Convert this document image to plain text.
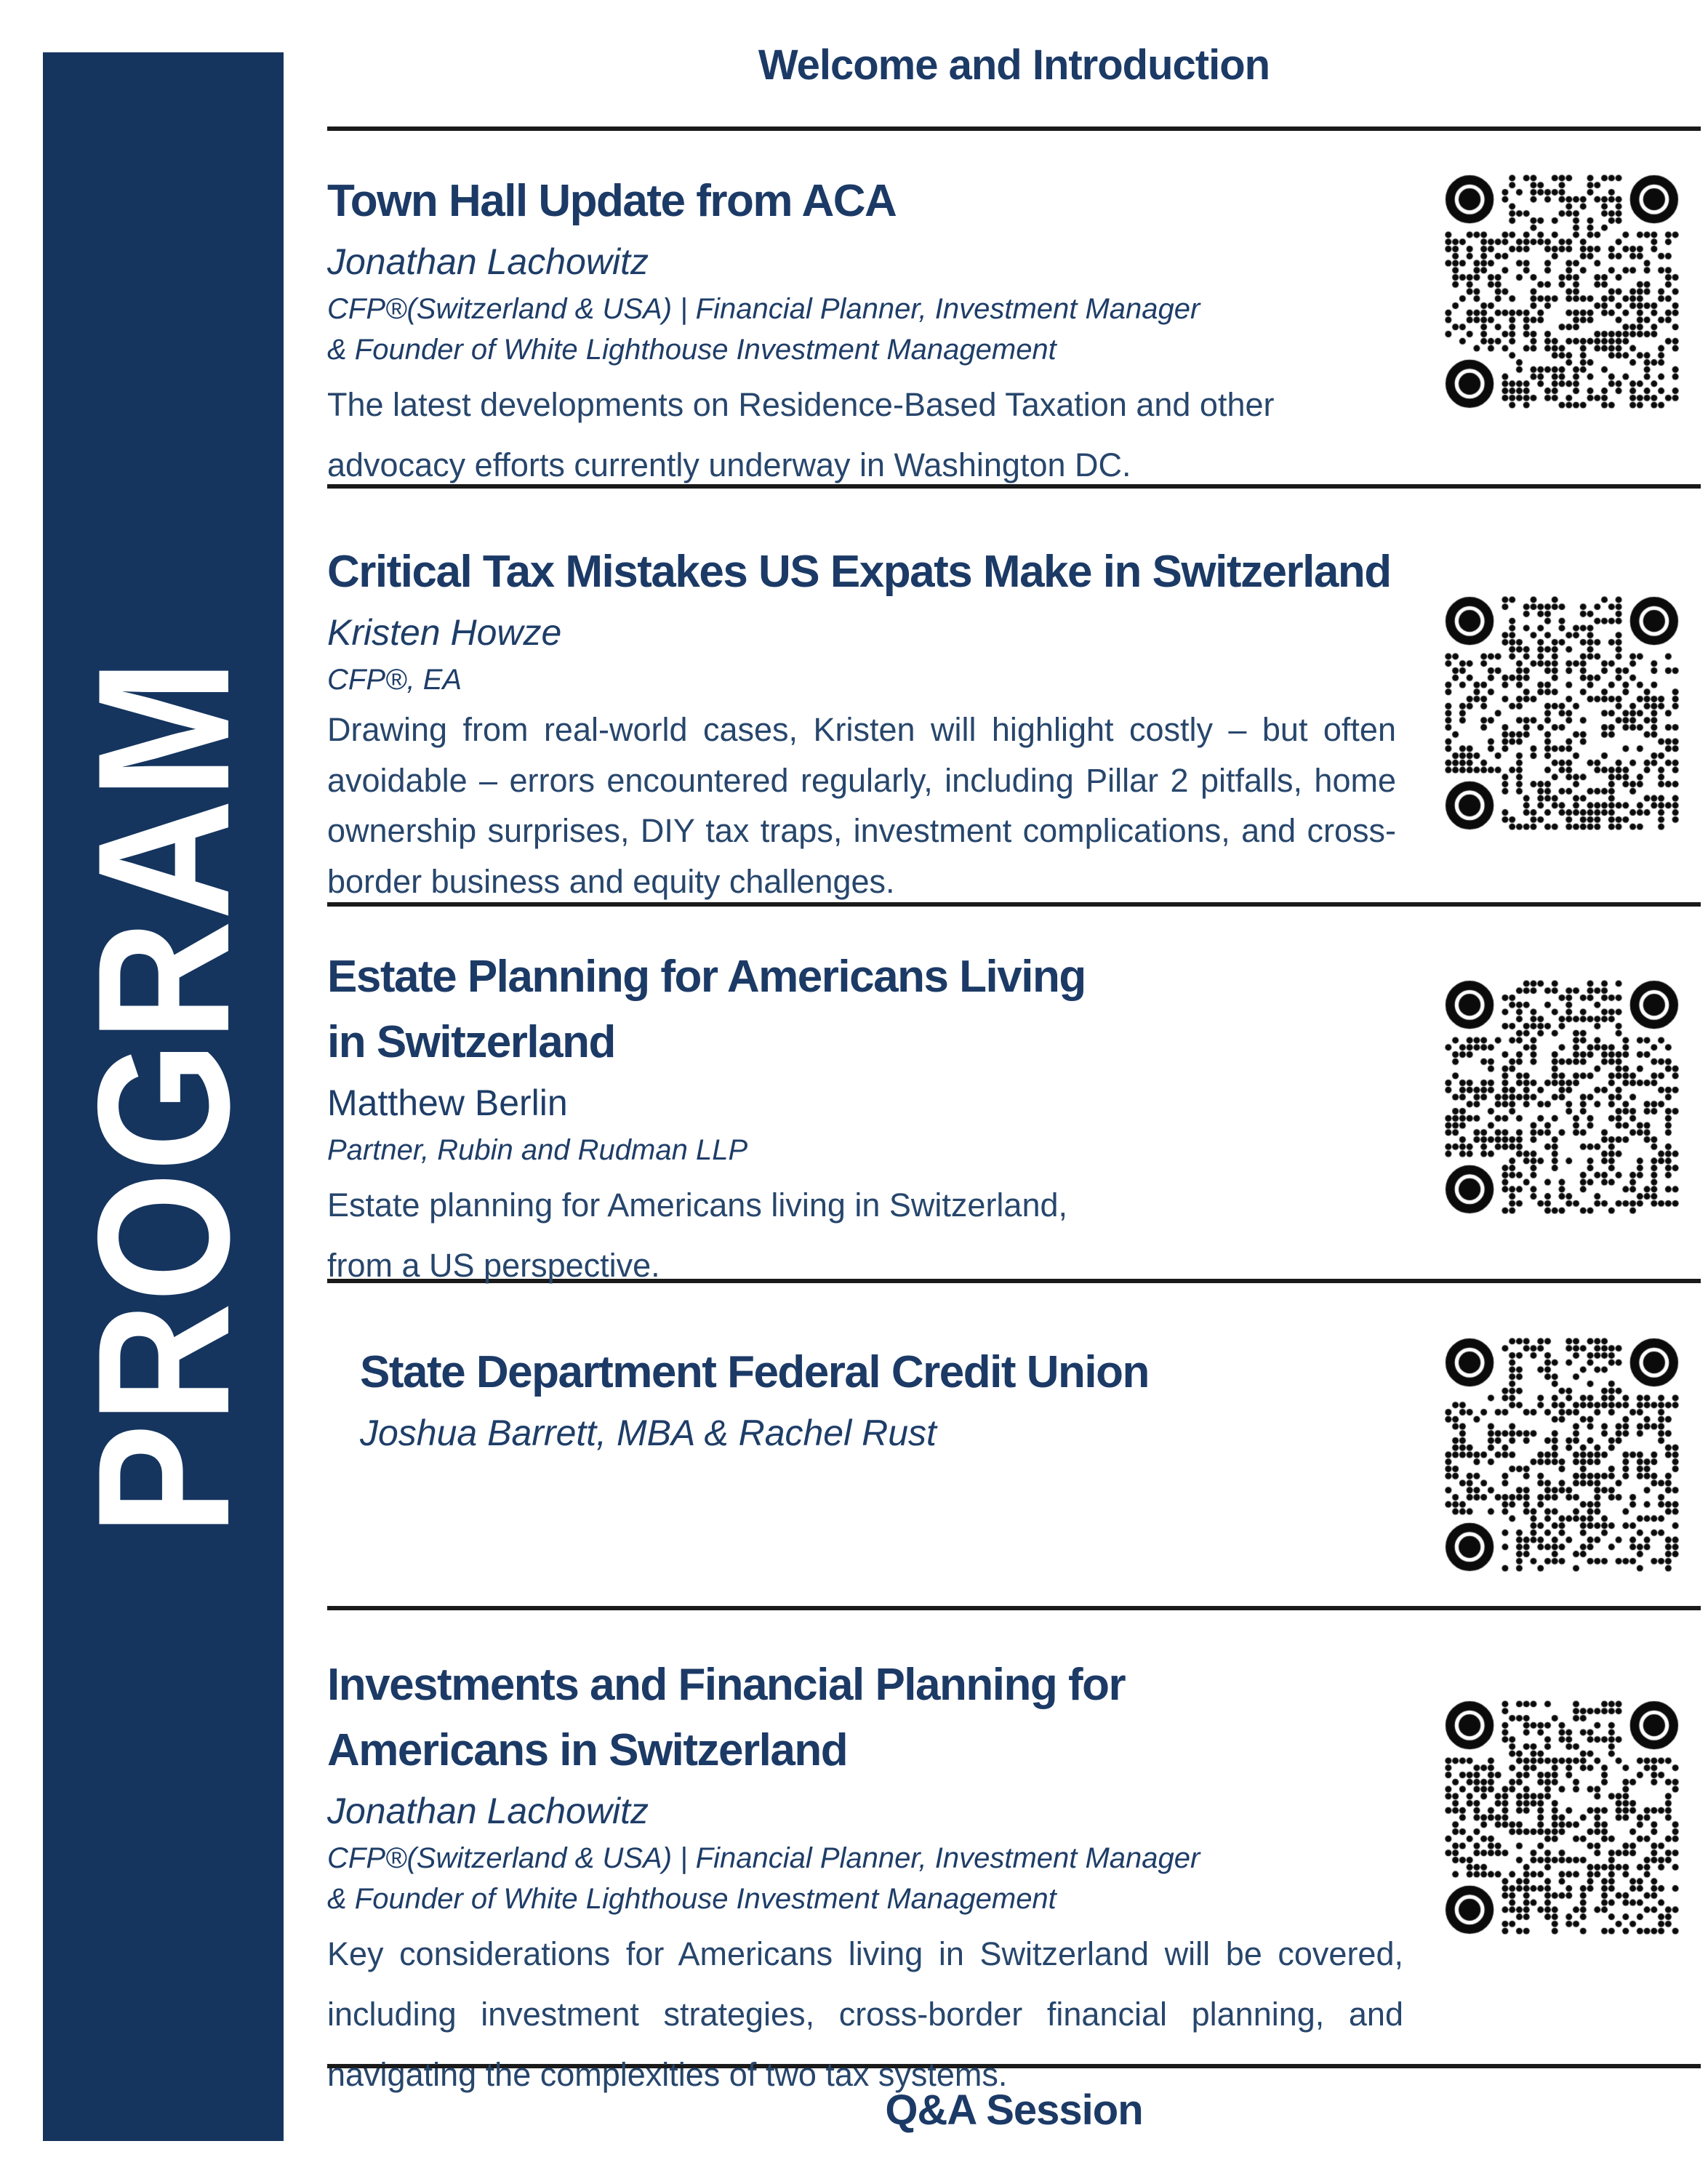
PROGRAM
Welcome and Introduction
Town Hall Update from ACA
Jonathan Lachowitz
CFP®(Switzerland & USA) | Financial Planner, Investment Manager
& Founder of White Lighthouse Investment Management

The latest developments on Residence-Based Taxation and other advocacy efforts currently underway in Washington DC.

Critical Tax Mistakes US Expats Make in Switzerland
Kristen Howze
CFP®, EA

Drawing from real-world cases, Kristen will highlight costly – but often avoidable – errors encountered regularly, including Pillar 2 pitfalls, home ownership surprises, DIY tax traps, investment complications, and cross-border business and equity challenges.

Estate Planning for Americans Living
in Switzerland
Matthew Berlin
Partner, Rubin and Rudman LLP

Estate planning for Americans living in Switzerland, from a US perspective.

State Department Federal Credit Union
Joshua Barrett, MBA & Rachel Rust
Investments and Financial Planning for
Americans in Switzerland
Jonathan Lachowitz
CFP®(Switzerland & USA) | Financial Planner, Investment Manager
& Founder of White Lighthouse Investment Management

Key considerations for Americans living in Switzerland will be covered, including investment strategies, cross-border financial planning, and navigating the complexities of two tax systems.

Q&A Session
